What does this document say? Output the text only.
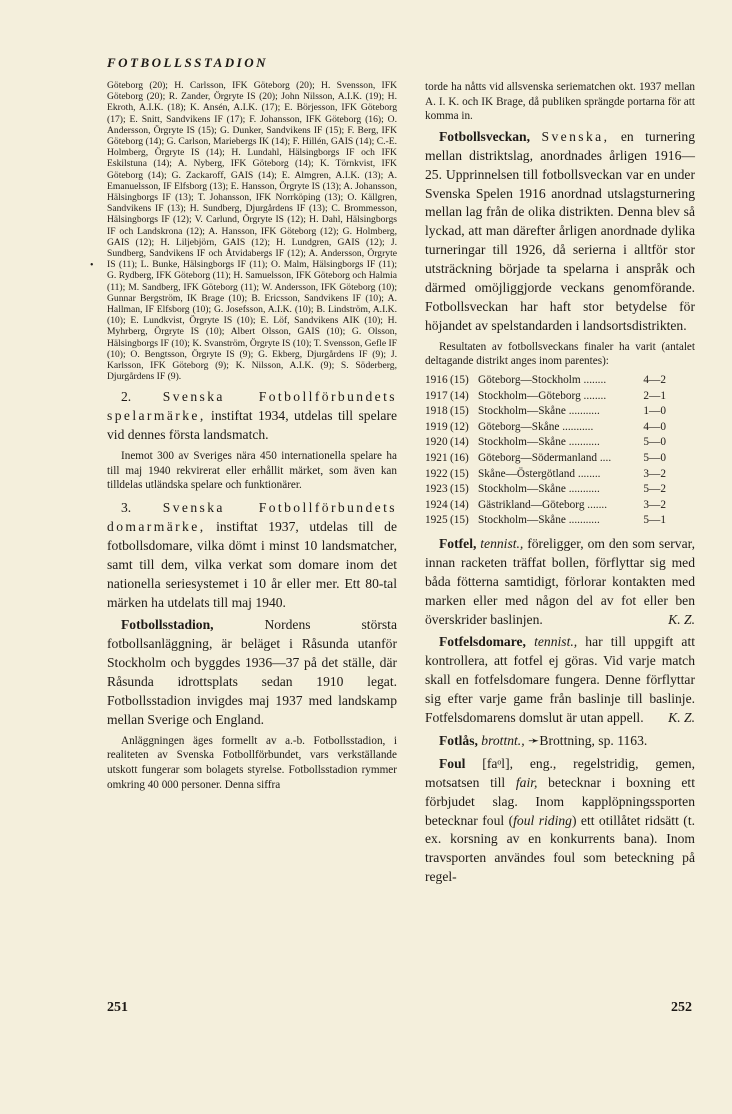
FOTBOLLSSTADION
•

Göteborg (20); H. Carlsson, IFK Göteborg (20); H. Svensson, IFK Göteborg (20); R. Zander, Örgryte IS (20); John Nilsson, A.I.K. (19); H. Ekroth, A.I.K. (18); K. Ansén, A.I.K. (17); E. Börjesson, IFK Göteborg (17); E. Snitt, Sandvikens IF (17); F. Johansson, IFK Göteborg (16); O. Andersson, Örgryte IS (15); G. Dunker, Sandvikens IF (15); F. Berg, IFK Göteborg (14); G. Carlson, Mariebergs IK (14); F. Hillén, GAIS (14); C.-E. Holmberg, Örgryte IS (14); H. Lundahl, Hälsingborgs IF och IFK Eskilstuna (14); A. Nyberg, IFK Göteborg (14); K. Törnkvist, IFK Göteborg (14); G. Zackaroff, GAIS (14); E. Almgren, A.I.K. (13); A. Emanuelsson, IF Elfsborg (13); E. Hansson, Örgryte IS (13); A. Johansson, Hälsingborgs IF (13); T. Johansson, IFK Norrköping (13); O. Källgren, Sandvikens IF (13); H. Sundberg, Djurgårdens IF (13); C. Brommesson, Hälsingborgs IF (12); V. Carlund, Örgryte IS (12); H. Dahl, Hälsingborgs IF och Landskrona (12); A. Hansson, IFK Göteborg (12); G. Holmberg, GAIS (12); H. Liljebjörn, GAIS (12); H. Lundgren, GAIS (12); J. Sundberg, Sandvikens IF och Åtvidabergs IF (12); A. Andersson, Örgryte IS (11); L. Bunke, Hälsingborgs IF (11); O. Malm, Hälsingborgs IF (11); G. Rydberg, IFK Göteborg (11); H. Samuelsson, IFK Göteborg och Halmia (11); M. Sandberg, IFK Göteborg (11); W. Andersson, IFK Göteborg (10); Gunnar Bergström, IK Brage (10); B. Ericsson, Sandvikens IF (10); A. Hallman, IF Elfsborg (10); G. Josefsson, A.I.K. (10); B. Lindström, A.I.K. (10); E. Lundkvist, Örgryte IS (10); E. Löf, Sandvikens AIK (10); H. Myhrberg, Örgryte IS (10); Albert Olsson, GAIS (10); G. Olsson, Hälsingborgs IF (10); K. Svanström, Örgryte IS (10); T. Svensson, Gefle IF (10); O. Bengtsson, Örgryte IS (9); G. Ekberg, Djurgårdens IF (9); J. Karlsson, IFK Göteborg (9); K. Nilsson, A.I.K. (9); S. Söderberg, Djurgårdens IF (9).

2. Svenska Fotbollförbundets spelarmärke, instiftat 1934, utdelas till spelare vid dennes första landsmatch.

Inemot 300 av Sveriges nära 450 internationella spelare ha till maj 1940 rekvirerat eller erhållit märket, som även kan tilldelas utländska spelare och funktionärer.

3. Svenska Fotbollförbundets domarmärke, instiftat 1937, utdelas till de fotbollsdomare, vilka dömt i minst 10 landsmatcher, samt till dem, vilka verkat som domare inom det nationella seriesystemet i 10 år eller mer. Ett 80-tal märken ha utdelats till maj 1940.

Fotbollsstadion, Nordens största fotbollsanläggning, är beläget i Råsunda utanför Stockholm och byggdes 1936—37 på det ställe, där Råsunda idrottsplats sedan 1910 legat. Fotbollsstadion invigdes maj 1937 med landskamp mellan Sverige och England.

Anläggningen äges formellt av a.-b. Fotbollsstadion, i realiteten av Svenska Fotbollförbundet, vars verkställande utskott fungerar som bolagets styrelse. Fotbollsstadion rymmer omkring 40 000 personer. Denna siffra

torde ha nåtts vid allsvenska seriematchen okt. 1937 mellan A. I. K. och IK Brage, då publiken sprängde portarna för att komma in.

Fotbollsveckan, Svenska, en turnering mellan distriktslag, anordnades årligen 1916—25. Upprinnelsen till fotbollsveckan var en under Svenska Spelen 1916 anordnad utslagsturnering mellan lag från de olika distrikten. Denna blev så lyckad, att man därefter årligen anordnade dylika turneringar till 1926, då serierna i alltför stor utsträckning började ta spelarna i anspråk och därmed omöjliggjorde veckans genomförande. Fotbollsveckan har haft stor betydelse för höjandet av spelstandarden i landsortsdistrikten.

Resultaten av fotbollsveckans finaler ha varit (antalet deltagande distrikt anges inom parentes):

1916	(15)	Göteborg—Stockholm ........	4—2
1917	(14)	Stockholm—Göteborg ........	2—1
1918	(15)	Stockholm—Skåne ...........	1—0
1919	(12)	Göteborg—Skåne ...........	4—0
1920	(14)	Stockholm—Skåne ...........	5—0
1921	(16)	Göteborg—Södermanland ....	5—0
1922	(15)	Skåne—Östergötland ........	3—2
1923	(15)	Stockholm—Skåne ...........	5—2
1924	(14)	Gästrikland—Göteborg .......	3—2
1925	(15)	Stockholm—Skåne ...........	5—1

Fotfel, tennist., föreligger, om den som servar, innan racketen träffat bollen, förflyttar sig med båda fötterna samtidigt, förlorar kontakten med marken eller med någon del av fot eller ben överskrider baslinjen.	K. Z.

Fotfelsdomare, tennist., har till uppgift att kontrollera, att fotfel ej göras. Vid varje match skall en fotfelsdomare fungera. Denne förflyttar sig efter varje game från baslinje till baslinje. Fotfelsdomarens domslut är utan appell.	K. Z.

Fotlås, brottnt., ➛Brottning, sp. 1163.

Foul [faᵒl], eng., regelstridig, gemen, motsatsen till fair, betecknar i boxning ett förbjudet slag. Inom kapplöpningssporten betecknar foul (foul riding) ett otillåtet ridsätt (t. ex. korsning av en konkurrents bana). Inom travsporten användes foul som beteckning på regel-

251	252
